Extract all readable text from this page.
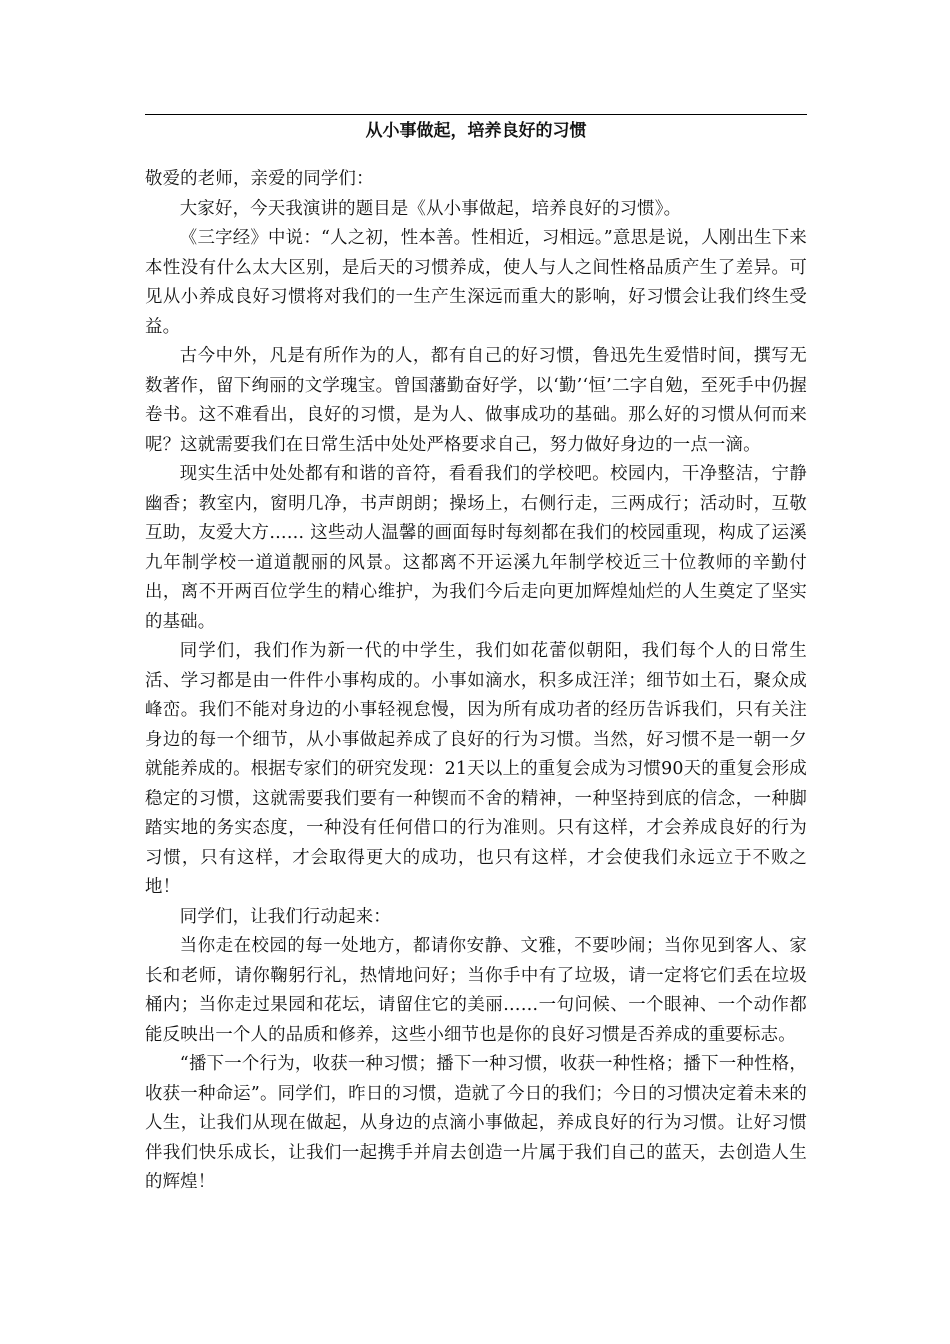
从小事做起，培养良好的习惯

敬爱的老师，亲爱的同学们：

大家好，今天我演讲的题目是《从小事做起，培养良好的习惯》。

《三字经》中说：“人之初，性本善。性相近，习相远。”意思是说，人刚出生下来本性没有什么太大区别，是后天的习惯养成，使人与人之间性格品质产生了差异。可见从小养成良好习惯将对我们的一生产生深远而重大的影响，好习惯会让我们终生受益。

古今中外，凡是有所作为的人，都有自己的好习惯，鲁迅先生爱惜时间，撰写无数著作，留下绚丽的文学瑰宝。曾国藩勤奋好学，以‘勤’‘恒’二字自勉，至死手中仍握卷书。这不难看出，良好的习惯，是为人、做事成功的基础。那么好的习惯从何而来呢？这就需要我们在日常生活中处处严格要求自己，努力做好身边的一点一滴。

现实生活中处处都有和谐的音符，看看我们的学校吧。校园内，干净整洁，宁静幽香；教室内，窗明几净，书声朗朗；操场上，右侧行走，三两成行；活动时，互敬互助，友爱大方…… 这些动人温馨的画面每时每刻都在我们的校园重现，构成了运溪九年制学校一道道靓丽的风景。这都离不开运溪九年制学校近三十位教师的辛勤付出，离不开两百位学生的精心维护，为我们今后走向更加辉煌灿烂的人生奠定了坚实的基础。

同学们，我们作为新一代的中学生，我们如花蕾似朝阳，我们每个人的日常生活、学习都是由一件件小事构成的。小事如滴水，积多成汪洋；细节如土石，聚众成峰峦。我们不能对身边的小事轻视怠慢，因为所有成功者的经历告诉我们，只有关注身边的每一个细节，从小事做起养成了良好的行为习惯。当然，好习惯不是一朝一夕就能养成的。根据专家们的研究发现：21天以上的重复会成为习惯90天的重复会形成稳定的习惯，这就需要我们要有一种锲而不舍的精神，一种坚持到底的信念，一种脚踏实地的务实态度，一种没有任何借口的行为准则。只有这样，才会养成良好的行为习惯，只有这样，才会取得更大的成功，也只有这样，才会使我们永远立于不败之地！

同学们，让我们行动起来：

当你走在校园的每一处地方，都请你安静、文雅，不要吵闹；当你见到客人、家长和老师，请你鞠躬行礼，热情地问好；当你手中有了垃圾，请一定将它们丢在垃圾桶内；当你走过果园和花坛，请留住它的美丽……一句问候、一个眼神、一个动作都能反映出一个人的品质和修养，这些小细节也是你的良好习惯是否养成的重要标志。

“播下一个行为，收获一种习惯；播下一种习惯，收获一种性格；播下一种性格，收获一种命运”。同学们，昨日的习惯，造就了今日的我们；今日的习惯决定着未来的人生，让我们从现在做起，从身边的点滴小事做起，养成良好的行为习惯。让好习惯伴我们快乐成长，让我们一起携手并肩去创造一片属于我们自己的蓝天，去创造人生的辉煌！
